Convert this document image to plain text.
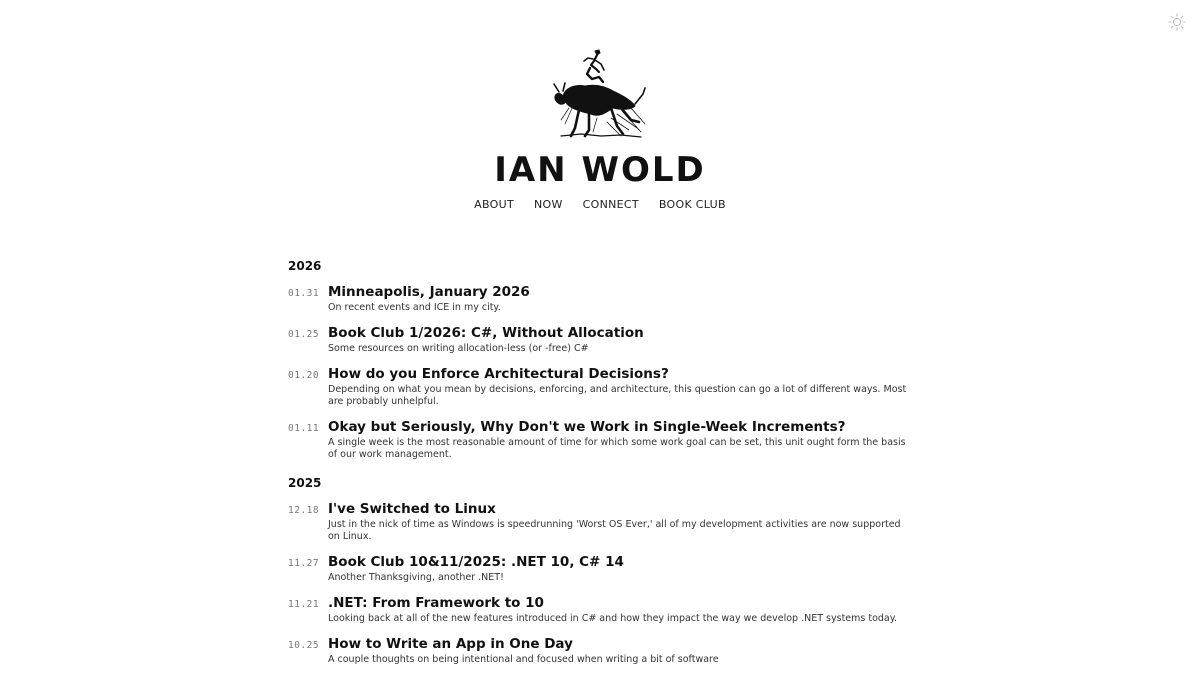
IAN WOLD
ABOUT NOW CONNECT BOOK CLUB
2026
01.31 Minneapolis, January 2026
On recent events and ICE in my city.
01.25 Book Club 1/2026: C#, Without Allocation
Some resources on writing allocation-less (or -free) C#
01.20 How do you Enforce Architectural Decisions?
Depending on what you mean by decisions, enforcing, and architecture, this question can go a lot of different ways. Most are probably unhelpful.
01.11 Okay but Seriously, Why Don't we Work in Single-Week Increments?
A single week is the most reasonable amount of time for which some work goal can be set, this unit ought form the basis of our work management.
2025
12.18 I've Switched to Linux
Just in the nick of time as Windows is speedrunning 'Worst OS Ever,' all of my development activities are now supported on Linux.
11.27 Book Club 10&11/2025: .NET 10, C# 14
Another Thanksgiving, another .NET!
11.21 .NET: From Framework to 10
Looking back at all of the new features introduced in C# and how they impact the way we develop .NET systems today.
10.25 How to Write an App in One Day
A couple thoughts on being intentional and focused when writing a bit of software
